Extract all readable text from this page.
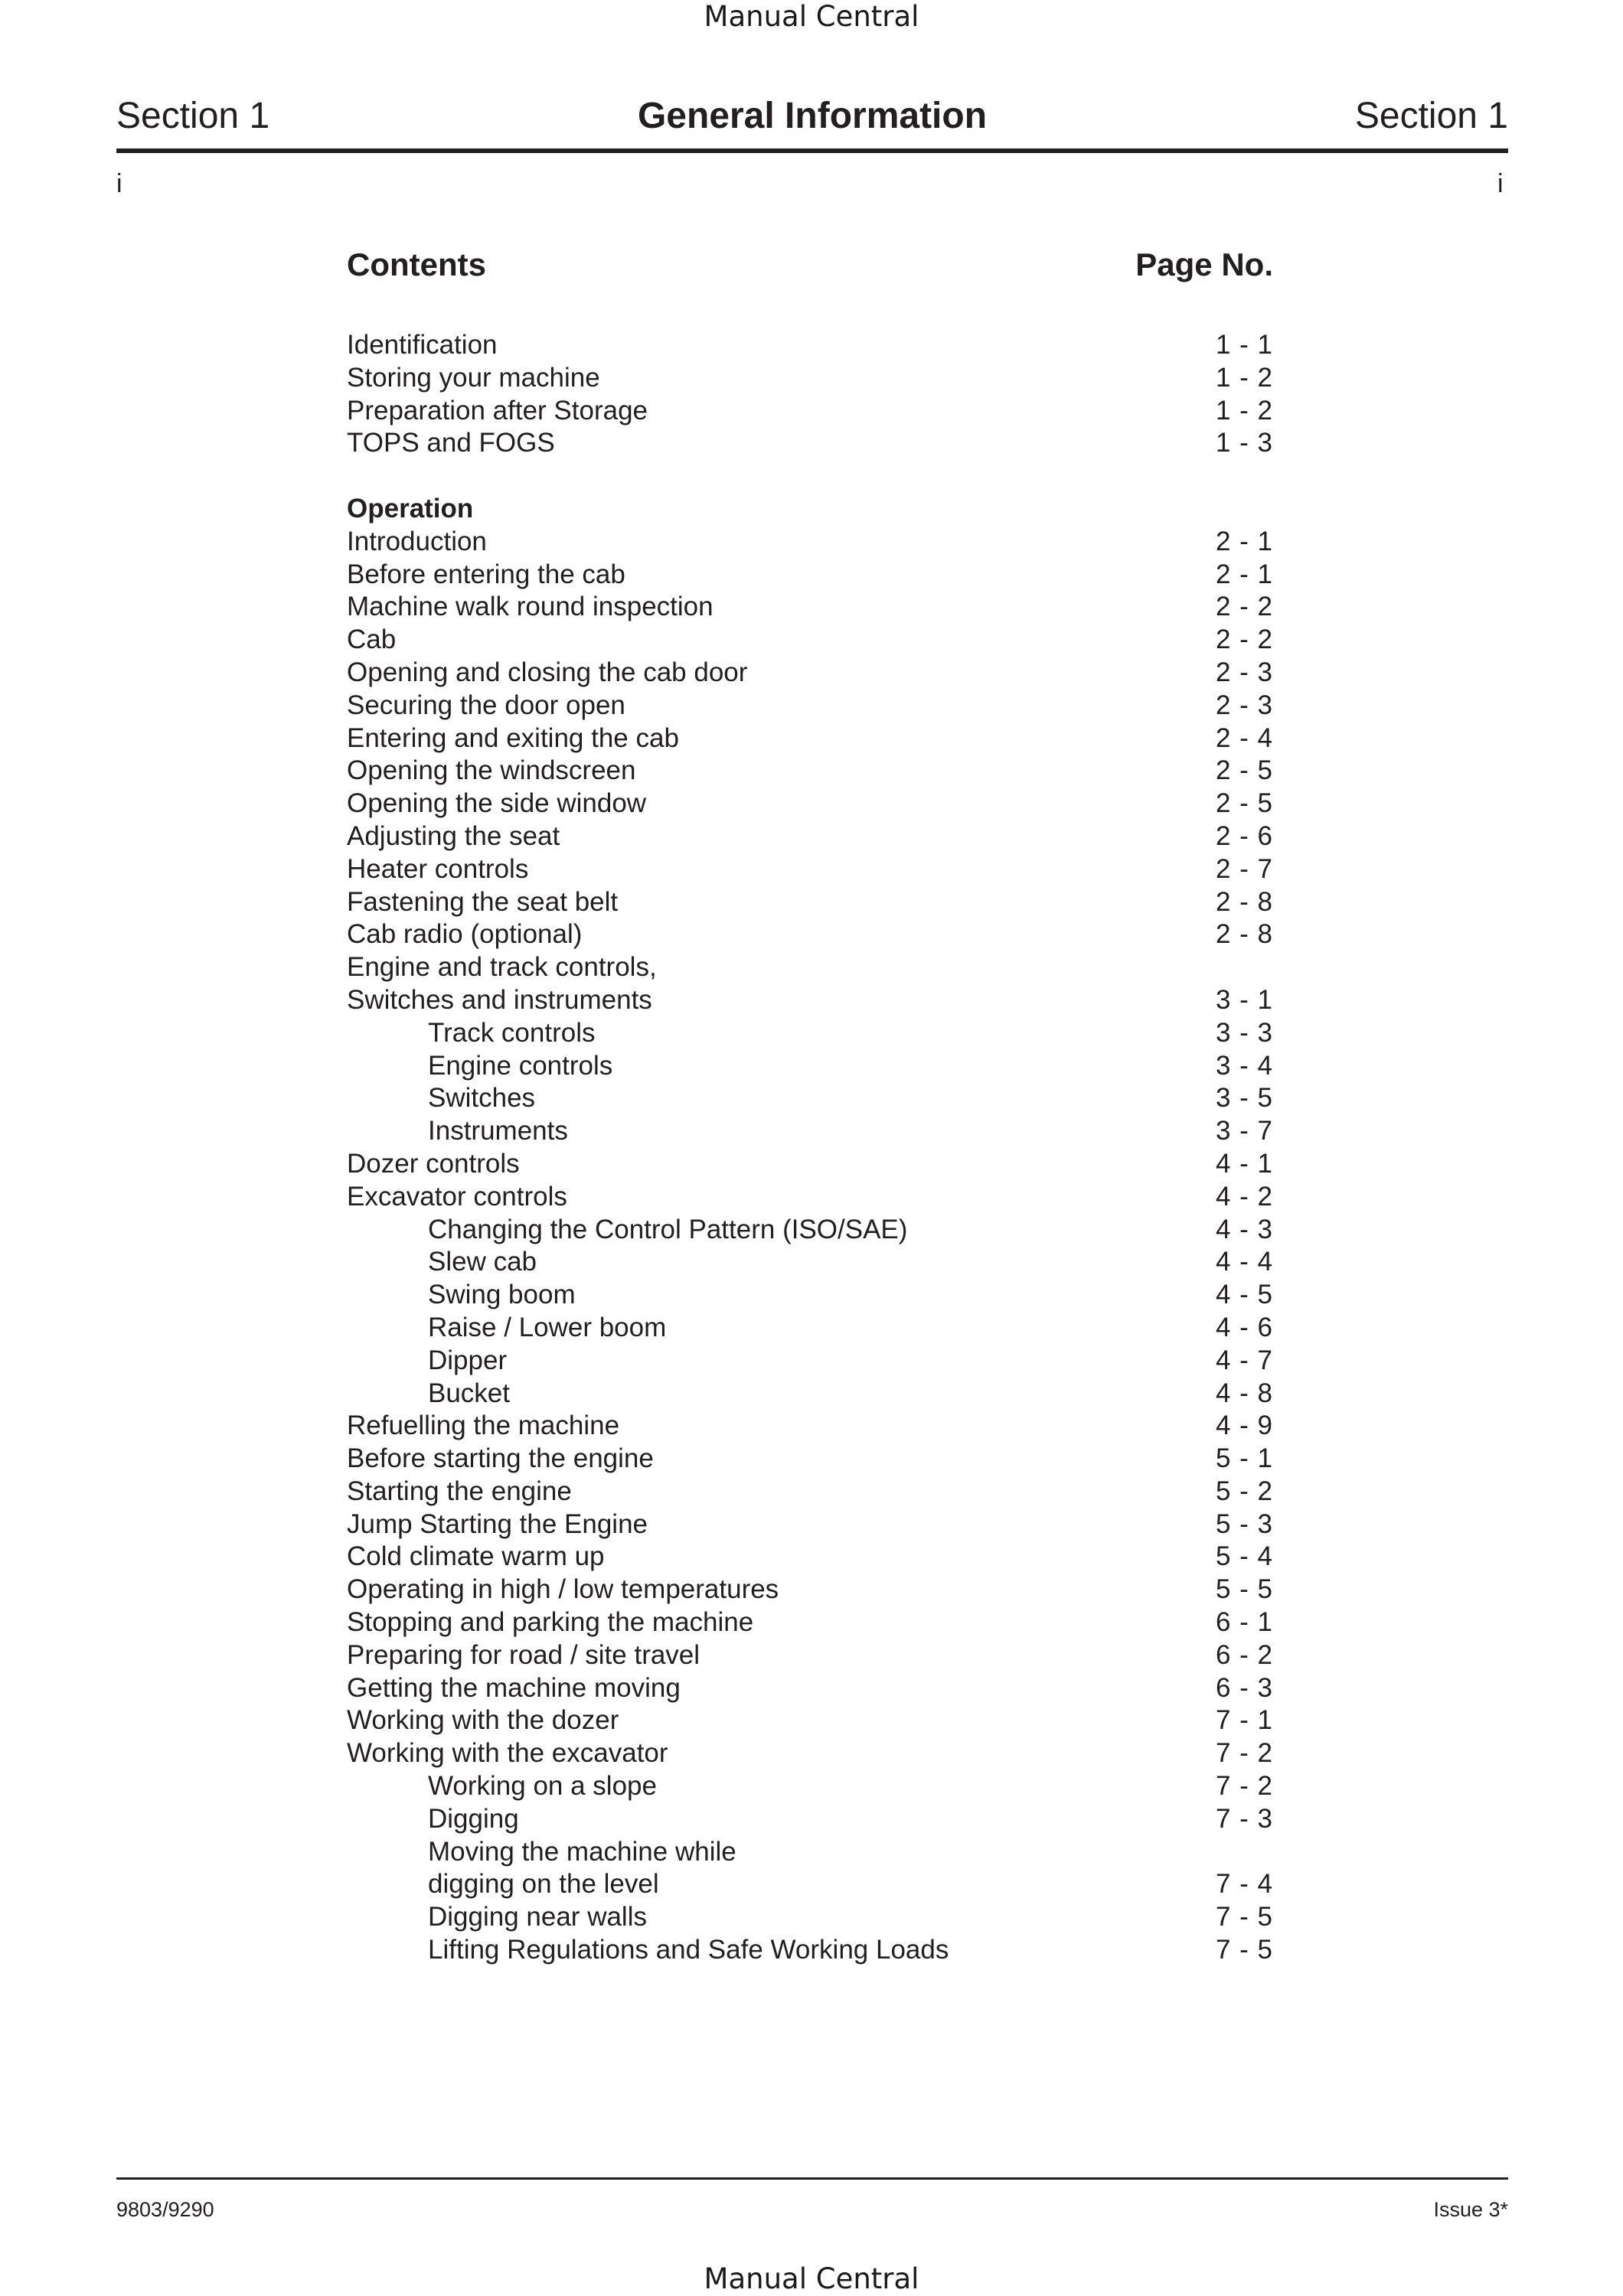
Manual Central
Section 1	General Information	Section 1
i	i
Contents	Page No.
Identification	1 - 1
Storing your machine	1 - 2
Preparation after Storage	1 - 2
TOPS and FOGS	1 - 3
Operation
Introduction	2 - 1
Before entering the cab	2 - 1
Machine walk round inspection	2 - 2
Cab	2 - 2
Opening and closing the cab door	2 - 3
Securing the door open	2 - 3
Entering and exiting the cab	2 - 4
Opening the windscreen	2 - 5
Opening the side window	2 - 5
Adjusting the seat	2 - 6
Heater controls	2 - 7
Fastening the seat belt	2 - 8
Cab radio (optional)	2 - 8
Engine and track controls,
Switches and instruments	3 - 1
Track controls	3 - 3
Engine controls	3 - 4
Switches	3 - 5
Instruments	3 - 7
Dozer controls	4 - 1
Excavator controls	4 - 2
Changing the Control Pattern (ISO/SAE)	4 - 3
Slew cab	4 - 4
Swing boom	4 - 5
Raise / Lower boom	4 - 6
Dipper	4 - 7
Bucket	4 - 8
Refuelling the machine	4 - 9
Before starting the engine	5 - 1
Starting the engine	5 - 2
Jump Starting the Engine	5 - 3
Cold climate warm up	5 - 4
Operating in high / low temperatures	5 - 5
Stopping and parking the machine	6 - 1
Preparing for road / site travel	6 - 2
Getting the machine moving	6 - 3
Working with the dozer	7 - 1
Working with the excavator	7 - 2
Working on a slope	7 - 2
Digging	7 - 3
Moving the machine while
digging on the level	7 - 4
Digging near walls	7 - 5
Lifting Regulations and Safe Working Loads	7 - 5
9803/9290	Issue 3*
Manual Central
